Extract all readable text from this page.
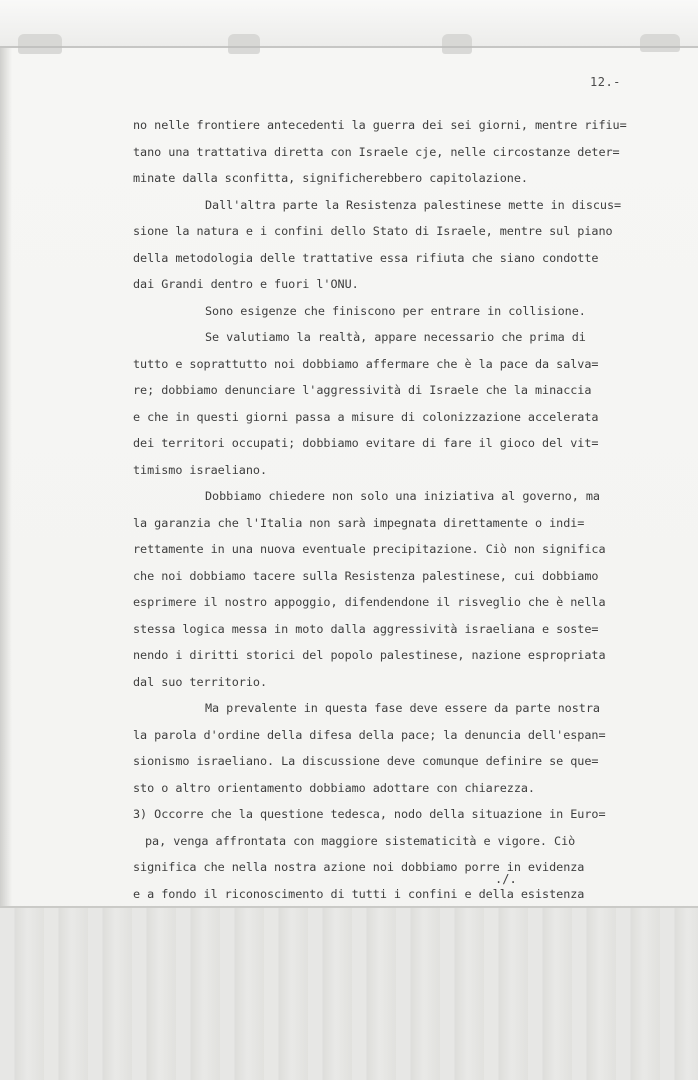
12.-
no nelle frontiere antecedenti la guerra dei sei giorni, mentre rifiu=
tano una trattativa diretta con Israele cje, nelle circostanze deter=
minate dalla sconfitta, significherebbero capitolazione.
Dall'altra parte la Resistenza palestinese mette in discus=
sione la natura e i confini dello Stato di Israele, mentre sul piano
della metodologia delle trattative essa rifiuta che siano condotte
dai Grandi dentro e fuori l'ONU.
Sono esigenze che finiscono per entrare in collisione.
Se valutiamo la realtà, appare necessario che prima di
tutto e soprattutto noi dobbiamo affermare che è la pace da salva=
re; dobbiamo denunciare l'aggressività di Israele che la minaccia
e che in questi giorni passa a misure di colonizzazione accelerata
dei territori occupati; dobbiamo evitare di fare il gioco del vit=
timismo israeliano.
Dobbiamo chiedere non solo una iniziativa al governo, ma
la garanzia che l'Italia non sarà impegnata direttamente o indi=
rettamente in una nuova eventuale precipitazione. Ciò non significa
che noi dobbiamo tacere sulla Resistenza palestinese, cui dobbiamo
esprimere il nostro appoggio, difendendone il risveglio che è nella
stessa logica messa in moto dalla aggressività israeliana e soste=
nendo i diritti storici del popolo palestinese, nazione espropriata
dal suo territorio.
Ma prevalente in questa fase deve essere da parte nostra
la parola d'ordine della difesa della pace; la denuncia dell'espan=
sionismo israeliano. La discussione deve comunque definire se que=
sto o altro orientamento dobbiamo adottare con chiarezza.
3) Occorre che la questione tedesca, nodo della situazione in Euro=
pa, venga affrontata con maggiore sistematicità e vigore. Ciò
significa che nella nostra azione noi dobbiamo porre in evidenza
e a fondo il riconoscimento di tutti i confini e della esistenza
./.
